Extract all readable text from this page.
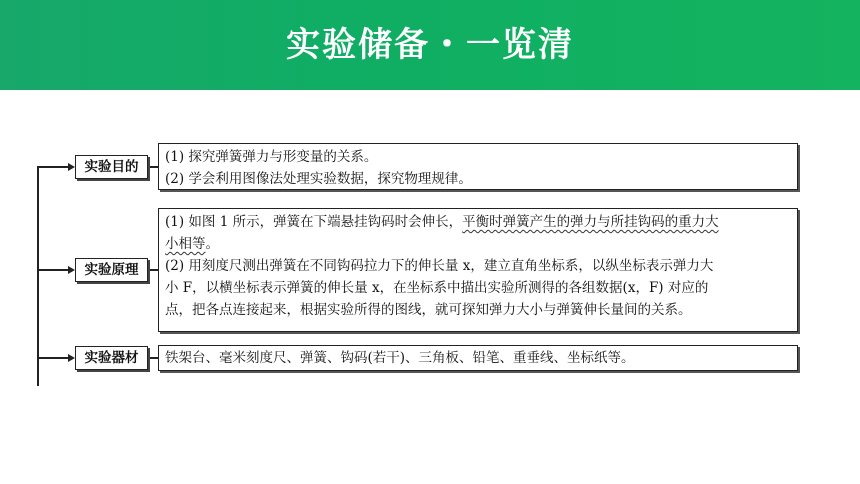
实验储备・一览清
实验目的

(1) 探究弹簧弹力与形变量的关系。

(2) 学会利用图像法处理实验数据，探究物理规律。

实验原理

(1) 如图 1 所示，弹簧在下端悬挂钩码时会伸长，平衡时弹簧产生的弹力与所挂钩码的重力大

小相等。

(2) 用刻度尺测出弹簧在不同钩码拉力下的伸长量 x，建立直角坐标系，以纵坐标表示弹力大

小 F，以横坐标表示弹簧的伸长量 x，在坐标系中描出实验所测得的各组数据(x，F) 对应的

点，把各点连接起来，根据实验所得的图线，就可探知弹力大小与弹簧伸长量间的关系。

实验器材	铁架台、毫米刻度尺、弹簧、钩码(若干)、三角板、铅笔、重垂线、坐标纸等。
